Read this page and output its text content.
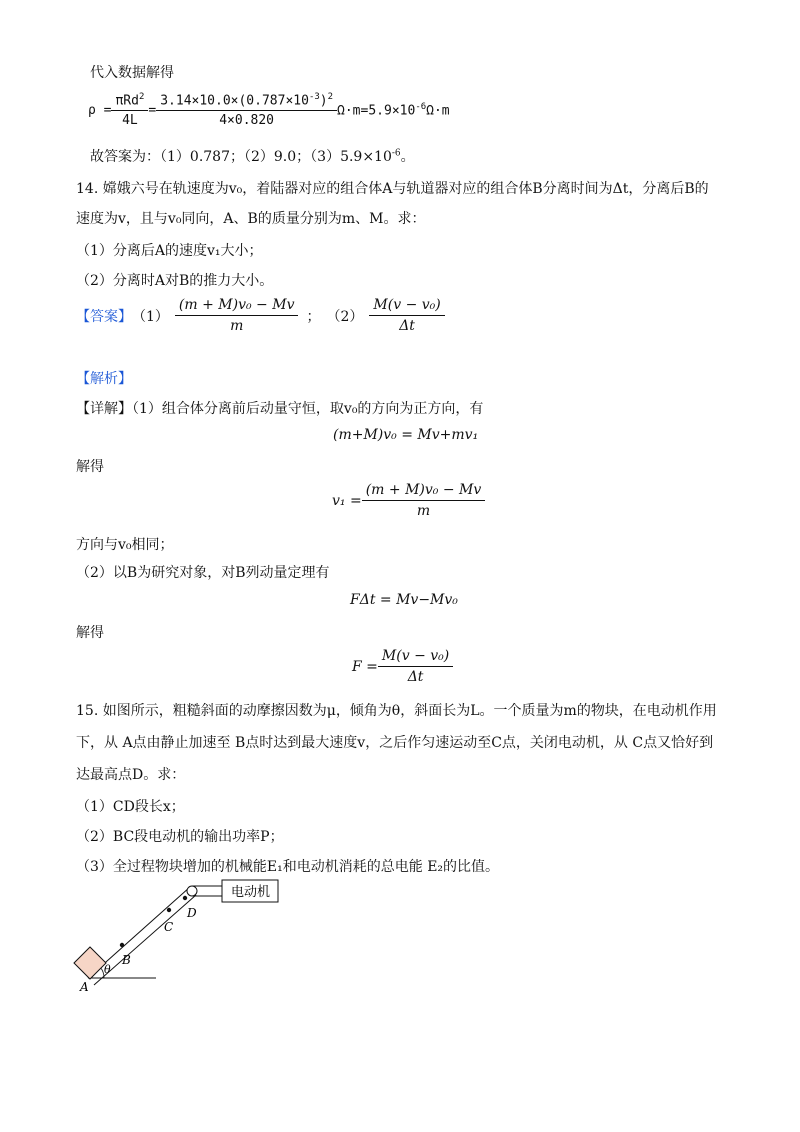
代入数据解得
$\rho = \frac{\pi Rd^2}{4L} = \frac{3.14\times 10.0\times(0.787\times 10^{-3})^2}{4\times 0.820} \Omega\cdot m=5.9\times 10^{-6}\Omega\cdot m$
故答案为：（1）0.787；（2）9.0；$(3)5.9\times 10^{-6}$。
14. 嫦娥六号在轨速度为v₀，着陆器对应的组合体A与轨道器对应的组合体B分离时间为Δt，分离后B的
速度为v，且与v₀同向，A、B的质量分别为m、M。求：
（1）分离后A的速度v₁大小；
（2）分离时A对B的推力大小。
【答案】 $(1) \frac{\text{(m + M)v₀ − Mv}}{m}$ ； $(2) \frac{\text{M(v − v₀)}}{\Delta t}$
【解析】
【详解】（1）组合体分离前后动量守恒，取v₀的方向为正方向，有
(m+M)v₀ = Mv+mv₁
解得
$v_1 = \frac{\text{(m + M)v₀ − Mv}}{m}$
方向与v₀相同；
（2）以B为研究对象，对B列动量定理有
FΔt = Mv−Mv₀
解得
$F = \frac{\text{M(v − v₀)}}{\Delta t}$
15. 如图所示，粗糙斜面的动摩擦因数为μ，倾角为θ，斜面长为L。一个质量为m的物块，在电动机作用
下，从 A点由静止加速至 B点时达到最大速度v，之后作匀速运动至C点，关闭电动机，从 C点又恰好到
达最高点D。求：
（1）CD段长x；
（2）BC段电动机的输出功率P；
（3）全过程物块增加的机械能E₁和电动机消耗的总电能 E₂的比值。
电动机
A
B
C
D
θ
